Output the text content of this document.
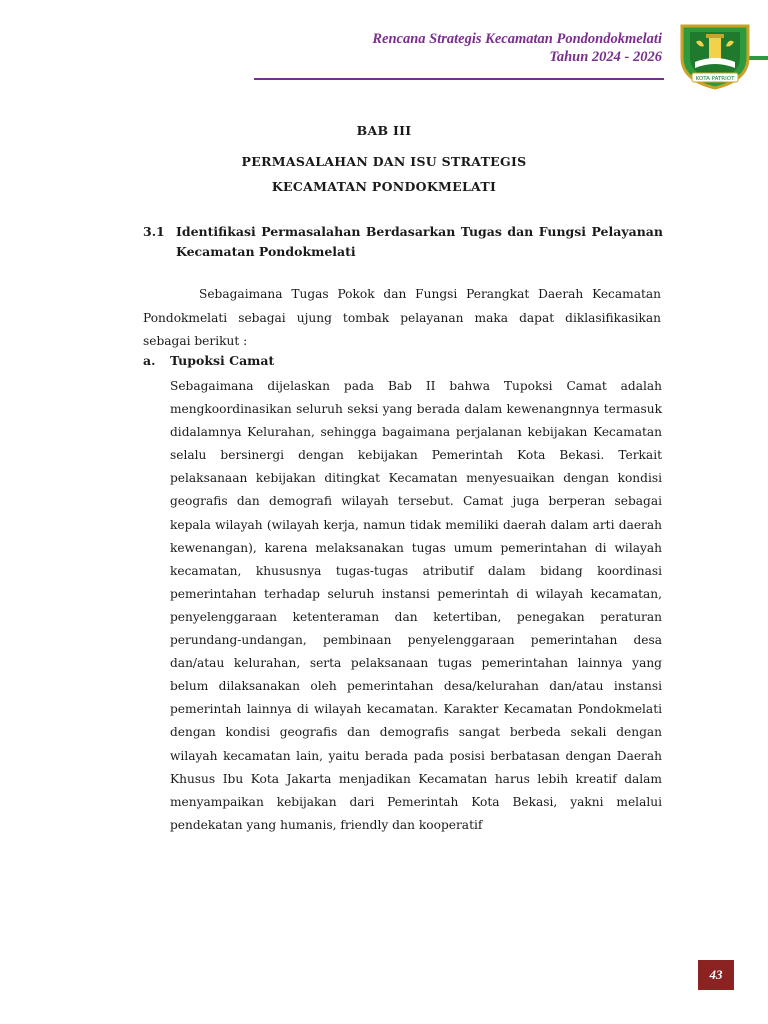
Rencana Strategis Kecamatan Pondondokmelati
Tahun 2024 - 2026
KOTA PATRIOT
BAB III
PERMASALAHAN DAN ISU STRATEGIS
KECAMATAN PONDOKMELATI
3.1 Identifikasi Permasalahan Berdasarkan Tugas dan Fungsi Pelayanan Kecamatan Pondokmelati

Sebagaimana Tugas Pokok dan Fungsi Perangkat Daerah Kecamatan Pondokmelati sebagai ujung tombak pelayanan maka dapat diklasifikasikan sebagai berikut :

a. Tupoksi Camat

Sebagaimana dijelaskan pada Bab II bahwa Tupoksi Camat adalah mengkoordinasikan seluruh seksi yang berada dalam kewenangnnya termasuk didalamnya Kelurahan, sehingga bagaimana perjalanan kebijakan Kecamatan selalu bersinergi dengan kebijakan Pemerintah Kota Bekasi. Terkait pelaksanaan kebijakan ditingkat Kecamatan menyesuaikan dengan kondisi geografis dan demografi wilayah tersebut. Camat juga berperan sebagai kepala wilayah (wilayah kerja, namun tidak memiliki daerah dalam arti daerah kewenangan), karena melaksanakan tugas umum pemerintahan di wilayah kecamatan, khususnya tugas-tugas atributif dalam bidang koordinasi pemerintahan terhadap seluruh instansi pemerintah di wilayah kecamatan, penyelenggaraan ketenteraman dan ketertiban, penegakan peraturan perundang-undangan, pembinaan penyelenggaraan pemerintahan desa dan/atau kelurahan, serta pelaksanaan tugas pemerintahan lainnya yang belum dilaksanakan oleh pemerintahan desa/kelurahan dan/atau instansi pemerintah lainnya di wilayah kecamatan. Karakter Kecamatan Pondokmelati dengan kondisi geografis dan demografis sangat berbeda sekali dengan wilayah kecamatan lain, yaitu berada pada posisi berbatasan dengan Daerah Khusus Ibu Kota Jakarta menjadikan Kecamatan harus lebih kreatif dalam menyampaikan kebijakan dari Pemerintah Kota Bekasi, yakni melalui pendekatan yang humanis, friendly dan kooperatif

43
